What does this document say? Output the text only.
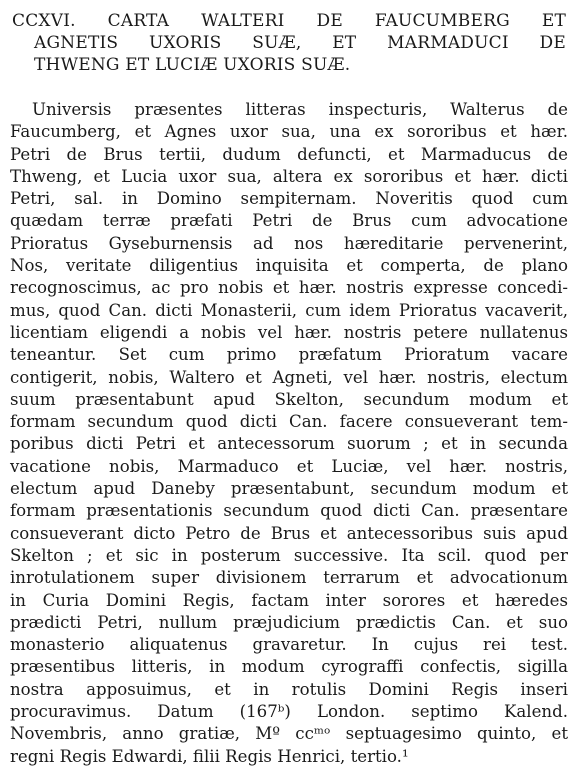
CCXVI. CARTA WALTERI DE FAUCUMBERG ET
AGNETIS UXORIS SUÆ, ET MARMADUCI DE
THWENG ET LUCIÆ UXORIS SUÆ.
Universis præsentes litteras inspecturis, Walterus de
Faucumberg, et Agnes uxor sua, una ex sororibus et hær.
Petri de Brus tertii, dudum defuncti, et Marmaducus de
Thweng, et Lucia uxor sua, altera ex sororibus et hær. dicti
Petri, sal. in Domino sempiternam. Noveritis quod cum
quædam terræ præfati Petri de Brus cum advocatione
Prioratus Gyseburnensis ad nos hæreditarie pervenerint,
Nos, veritate diligentius inquisita et comperta, de plano
recognoscimus, ac pro nobis et hær. nostris expresse concedi-
mus, quod Can. dicti Monasterii, cum idem Prioratus vacaverit,
licentiam eligendi a nobis vel hær. nostris petere nullatenus
teneantur. Set cum primo præfatum Prioratum vacare
contigerit, nobis, Waltero et Agneti, vel hær. nostris, electum
suum præsentabunt apud Skelton, secundum modum et
formam secundum quod dicti Can. facere consueverant tem-
poribus dicti Petri et antecessorum suorum ; et in secunda
vacatione nobis, Marmaduco et Luciæ, vel hær. nostris,
electum apud Daneby præsentabunt, secundum modum et
formam præsentationis secundum quod dicti Can. præsentare
consueverant dicto Petro de Brus et antecessoribus suis apud
Skelton ; et sic in posterum successive. Ita scil. quod per
inrotulationem super divisionem terrarum et advocationum
in Curia Domini Regis, factam inter sorores et hæredes
prædicti Petri, nullum præjudicium prædictis Can. et suo
monasterio aliquatenus gravaretur. In cujus rei test.
præsentibus litteris, in modum cyrograffi confectis, sigilla
nostra apposuimus, et in rotulis Domini Regis inseri
procuravimus. Datum (167ᵇ) London. septimo Kalend.
Novembris, anno gratiæ, Mº ccᵐᵒ septuagesimo quinto, et
regni Regis Edwardi, filii Regis Henrici, tertio.¹
